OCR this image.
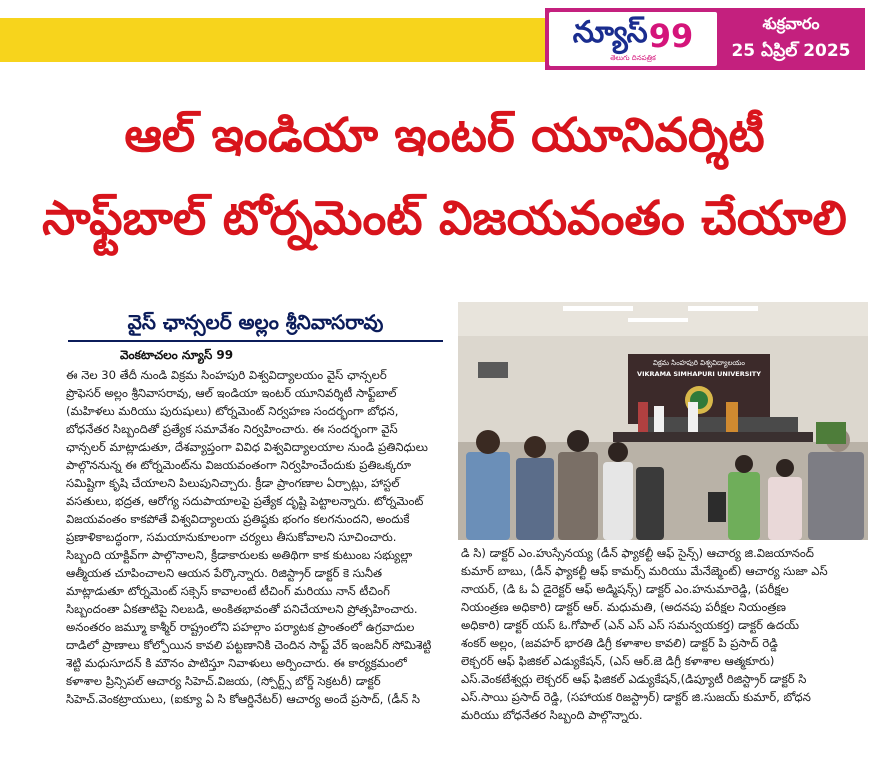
న్యూస్ 99
తెలుగు దినపత్రిక
శుక్రవారం
25 ఏప్రిల్ 2025
ఆల్ ఇండియా ఇంటర్ యూనివర్శిటీ
సాఫ్ట్‌బాల్ టోర్నమెంట్ విజయవంతం చేయాలి
వైస్ ఛాన్సలర్ అల్లం శ్రీనివాసరావు
వెంకటాచలం న్యూస్ 99
విక్రమ సింహపురి విశ్వవిద్యాలయం
VIKRAMA SIMHAPURI UNIVERSITY
ఈ నెల 30 తేదీ నుండి విక్రమ సింహపురి విశ్వవిద్యాలయం వైస్ ఛాన్సలర్
ప్రొఫెసర్ అల్లం శ్రీనివాసరావు, ఆల్ ఇండియా ఇంటర్ యూనివర్శిటీ సాఫ్ట్‌బాల్
(మహిళలు మరియు పురుషులు) టోర్నమెంట్ నిర్వహణ సందర్భంగా బోధన,
బోధనేతర సిబ్బందితో ప్రత్యేక సమావేశం నిర్వహించారు. ఈ సందర్భంగా వైస్
ఛాన్సలర్ మాట్లాడుతూ, దేశవ్యాప్తంగా వివిధ విశ్వవిద్యాలయాల నుండి ప్రతినిధులు
పాల్గొననున్న ఈ టోర్నమెంట్‌ను విజయవంతంగా నిర్వహించేందుకు ప్రతిఒక్కరూ
సమిష్టిగా కృషి చేయాలని పిలుపునిచ్చారు. క్రీడా ప్రాంగణాల ఏర్పాట్లు, హాస్టల్
వసతులు, భద్రత, ఆరోగ్య సదుపాయాలపై ప్రత్యేక దృష్టి పెట్టాలన్నారు. టోర్నమెంట్
విజయవంతం కాకపోతే విశ్వవిద్యాలయ ప్రతిష్ఠకు భంగం కలగనుందని, అందుకే
ప్రణాళికాబద్ధంగా, సమయానుకూలంగా చర్యలు తీసుకోవాలని సూచించారు.
సిబ్బంది యాక్టివ్‌గా పాల్గొనాలని, క్రీడాకారులకు అతిథిగా కాక కుటుంబ సభ్యుల్లా
ఆత్మీయత చూపించాలని ఆయన పేర్కొన్నారు. రిజిస్ట్రార్ డాక్టర్ కె సునీత
మాట్లాడుతూ టోర్నమెంట్ సక్సెస్ కావాలంటే టీచింగ్ మరియు నాన్ టీచింగ్
సిబ్బందంతా ఏకతాటిపై నిలబడి, అంకితభావంతో పనిచేయాలని ప్రోత్సహించారు.
అనంతరం జమ్మూ కాశ్మీర్ రాష్ట్రంలోని పహల్గాం పర్యాటక ప్రాంతంలో ఉగ్రవాదుల
దాడిలో ప్రాణాలు కోల్పోయిన కావలి పట్టణానికి చెందిన సాఫ్ట్ వేర్ ఇంజనీర్ సోమిశెట్టి
శెట్టి మధుసూదన్ కి మౌనం పాటిస్తూ నివాళులు అర్పించారు. ఈ కార్యక్రమంలో
కళాశాల ప్రిన్సిపల్ ఆచార్య సిహెచ్.విజయ, (స్పోర్ట్స్ బోర్డ్ సెక్రటరీ) డాక్టర్
సిహెచ్.వెంకట్రాయులు, (ఐక్యూ ఏ సి కోఆర్డినేటర్) ఆచార్య అందే ప్రసాద్, (డీన్ సి
డి సి) డాక్టర్ ఎం.హుస్సేనయ్య (డీన్ ఫ్యాకల్టీ ఆఫ్ సైన్స్) ఆచార్య జి.విజయానంద్
కుమార్ బాబు, (డీన్ ఫ్యాకల్టీ ఆఫ్ కామర్స్ మరియు మేనేజ్మెంట్) ఆచార్య సుజా ఎస్
నాయర్, (డి ఓ ఏ డైరెక్టర్ ఆఫ్ అడ్మిషన్స్) డాక్టర్ ఎం.హనుమారెడ్డి, (పరీక్షల
నియంత్రణ అధికారి) డాక్టర్ ఆర్. మధుమతి, (అదనపు పరీక్షల నియంత్రణ
అధికారి) డాక్టర్ యస్ ఓ.గోపాల్ (ఎన్ ఎస్ ఎస్ సమన్వయకర్త) డాక్టర్ ఉదయ్
శంకర్ అల్లం, (జవహర్ భారతి డిగ్రీ కళాశాల కావలి) డాక్టర్ పి ప్రసాద్ రెడ్డి
లెక్చరర్ ఆఫ్ ఫిజికల్ ఎడ్యుకేషన్, (ఎస్ ఆర్.జె డిగ్రీ కళాశాల ఆత్మకూరు)
ఎస్.వెంకటేశ్వర్లు లెక్చరర్ ఆఫ్ ఫిజికల్ ఎడ్యుకేషన్,(డిప్యూటీ రిజిస్ట్రార్ డాక్టర్ సి
ఎస్.సాయి ప్రసాద్ రెడ్డి, (సహాయక రిజస్ట్రార్) డాక్టర్ జి.సుజయ్ కుమార్, బోధన
మరియు బోధనేతర సిబ్బంది పాల్గొన్నారు.
